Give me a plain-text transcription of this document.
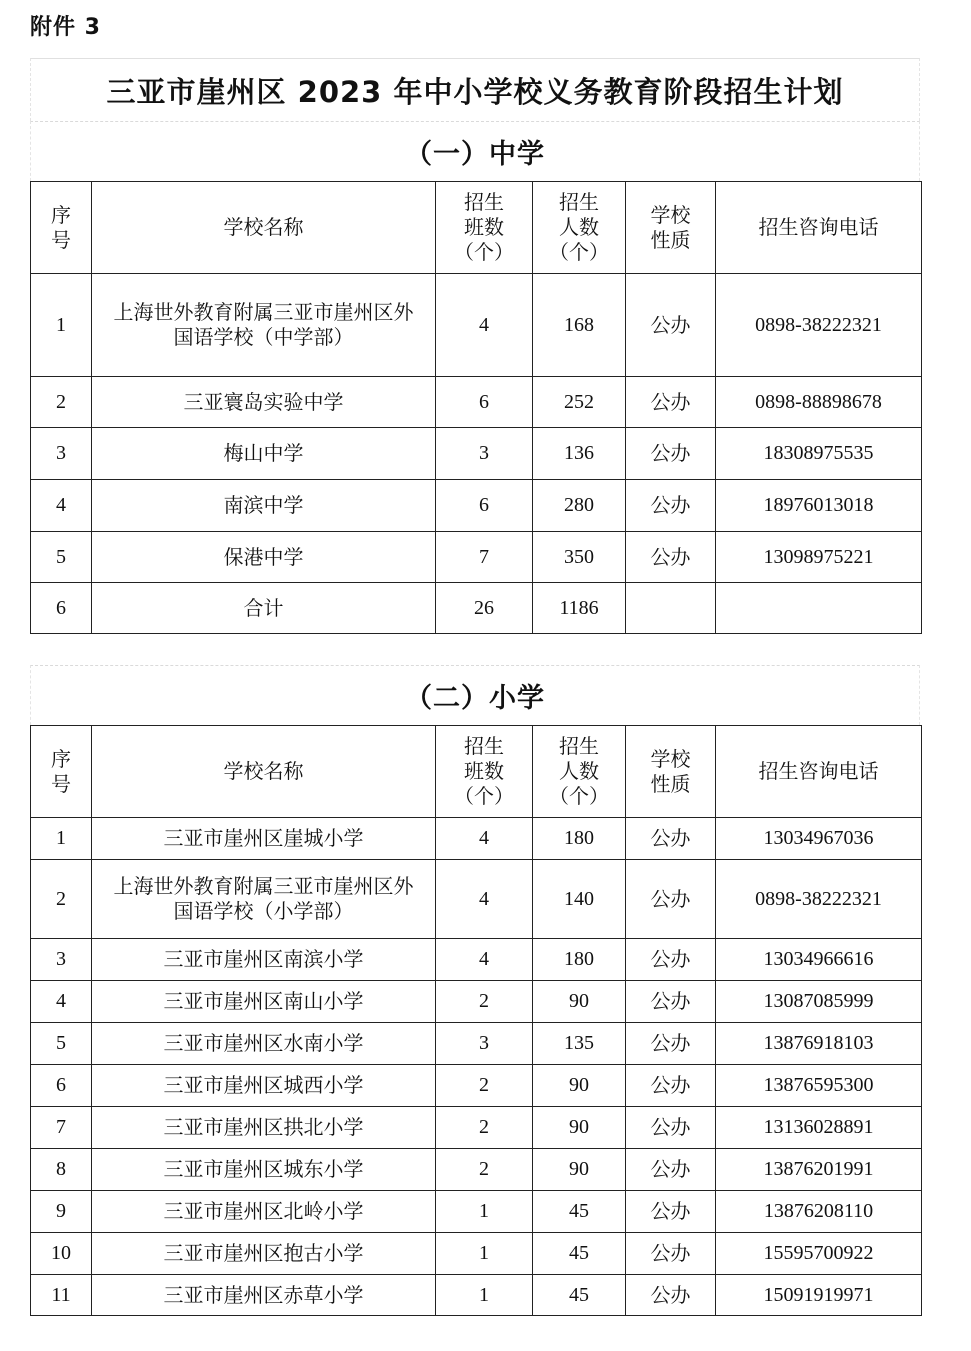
附件 3
三亚市崖州区 2023 年中小学校义务教育阶段招生计划
（一）中学
序
号	学校名称	招生
班数
（个）	招生
人数
（个）	学校
性质	招生咨询电话
1	上海世外教育附属三亚市崖州区外
国语学校（中学部）	4	168	公办	0898-38222321
2	三亚寰岛实验中学	6	252	公办	0898-88898678
3	梅山中学	3	136	公办	18308975535
4	南滨中学	6	280	公办	18976013018
5	保港中学	7	350	公办	13098975221
6	合计	26	1186		
（二）小学
序
号	学校名称	招生
班数
（个）	招生
人数
（个）	学校
性质	招生咨询电话
1	三亚市崖州区崖城小学	4	180	公办	13034967036
2	上海世外教育附属三亚市崖州区外
国语学校（小学部）	4	140	公办	0898-38222321
3	三亚市崖州区南滨小学	4	180	公办	13034966616
4	三亚市崖州区南山小学	2	90	公办	13087085999
5	三亚市崖州区水南小学	3	135	公办	13876918103
6	三亚市崖州区城西小学	2	90	公办	13876595300
7	三亚市崖州区拱北小学	2	90	公办	13136028891
8	三亚市崖州区城东小学	2	90	公办	13876201991
9	三亚市崖州区北岭小学	1	45	公办	13876208110
10	三亚市崖州区抱古小学	1	45	公办	15595700922
11	三亚市崖州区赤草小学	1	45	公办	15091919971
